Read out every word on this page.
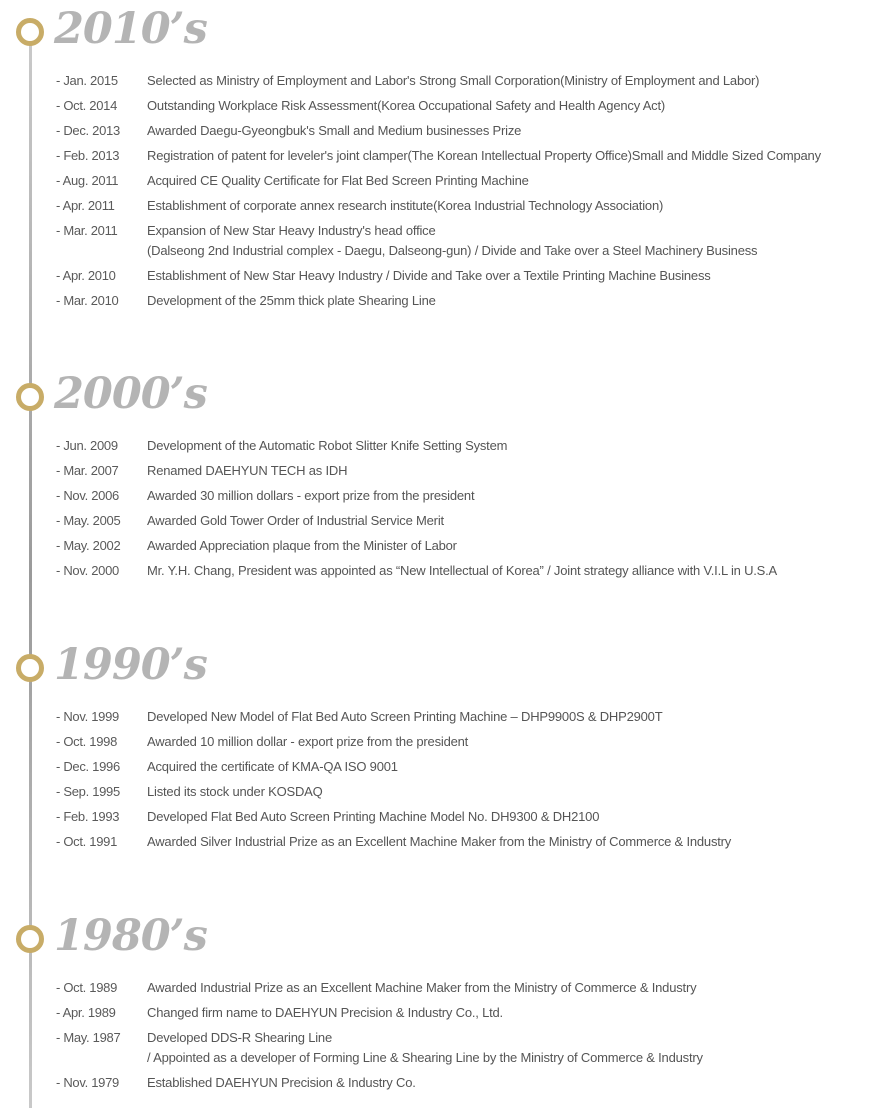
2010’s
- Jan. 2015	Selected as Ministry of Employment and Labor's Strong Small Corporation(Ministry of Employment and Labor)
- Oct. 2014	Outstanding Workplace Risk Assessment(Korea Occupational Safety and Health Agency Act)
- Dec. 2013	Awarded Daegu-Gyeongbuk's Small and Medium businesses Prize
- Feb. 2013	Registration of patent for leveler's joint clamper(The Korean Intellectual Property Office)Small and Middle Sized Company
- Aug. 2011	Acquired CE Quality Certificate for Flat Bed Screen Printing Machine
- Apr. 2011	Establishment of corporate annex research institute(Korea Industrial Technology Association)
- Mar. 2011	Expansion of New Star Heavy Industry's head office
(Dalseong 2nd Industrial complex - Daegu, Dalseong-gun) / Divide and Take over a Steel Machinery Business
- Apr. 2010	Establishment of New Star Heavy Industry / Divide and Take over a Textile Printing Machine Business
- Mar. 2010	Development of the 25mm thick plate Shearing Line
2000’s
- Jun. 2009	Development of the Automatic Robot Slitter Knife Setting System
- Mar. 2007	Renamed DAEHYUN TECH as IDH
- Nov. 2006	Awarded 30 million dollars - export prize from the president
- May. 2005	Awarded Gold Tower Order of Industrial Service Merit
- May. 2002	Awarded Appreciation plaque from the Minister of Labor
- Nov. 2000	Mr. Y.H. Chang, President was appointed as “New Intellectual of Korea” / Joint strategy alliance with V.I.L in U.S.A
1990’s
- Nov. 1999	Developed New Model of Flat Bed Auto Screen Printing Machine – DHP9900S & DHP2900T
- Oct. 1998	Awarded 10 million dollar - export prize from the president
- Dec. 1996	Acquired the certificate of KMA-QA ISO 9001
- Sep. 1995	Listed its stock under KOSDAQ
- Feb. 1993	Developed Flat Bed Auto Screen Printing Machine Model No. DH9300 & DH2100
- Oct. 1991	Awarded Silver Industrial Prize as an Excellent Machine Maker from the Ministry of Commerce & Industry
1980’s
- Oct. 1989	Awarded Industrial Prize as an Excellent Machine Maker from the Ministry of Commerce & Industry
- Apr. 1989	Changed firm name to DAEHYUN Precision & Industry Co., Ltd.
- May. 1987	Developed DDS-R Shearing Line
/ Appointed as a developer of Forming Line & Shearing Line by the Ministry of Commerce & Industry
- Nov. 1979	Established DAEHYUN Precision & Industry Co.
